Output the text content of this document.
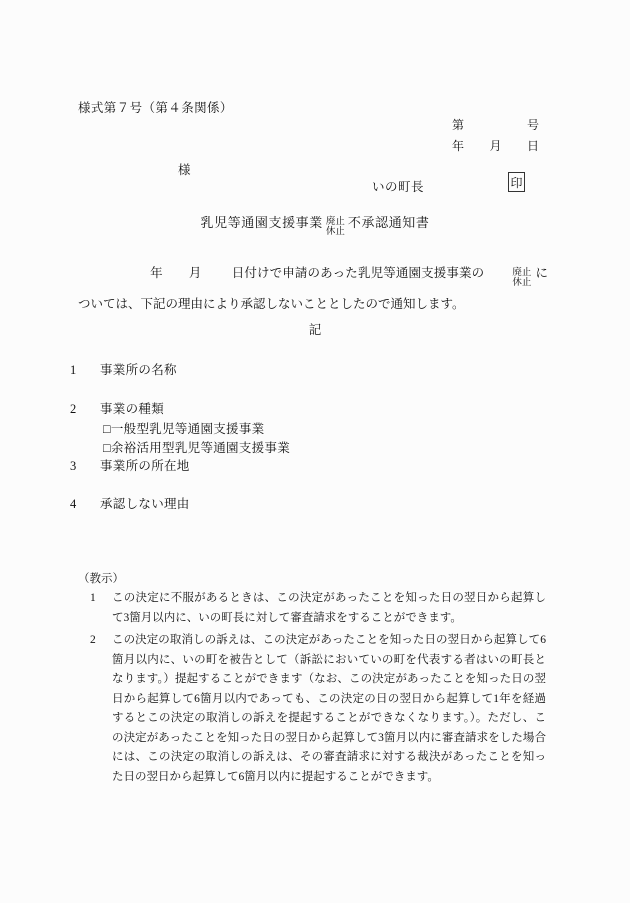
様式第７号（第４条関係）
第　　　　　号
年　　月　　日
様
いの町長	印
乳児等通園支援事業 廃止
休止
不承認通知書
年 月 日付けで申請のあった乳児等通園支援事業の	廃止
休止
については、下記の理由により承認しないこととしたので通知します。
記
1 事業所の名称
2 事業の種類
□一般型乳児等通園支援事業
□余裕活用型乳児等通園支援事業
3 事業所の所在地
4 承認しない理由
（教示）
1 この決定に不服があるときは、この決定があったことを知った日の翌日から起算して3箇月以内に、いの町長に対して審査請求をすることができます。
2 この決定の取消しの訴えは、この決定があったことを知った日の翌日から起算して6箇月以内に、いの町を被告として（訴訟においていの町を代表する者はいの町長となります。）提起することができます（なお、この決定があったことを知った日の翌日から起算して6箇月以内であっても、この決定の日の翌日から起算して1年を経過するとこの決定の取消しの訴えを提起することができなくなります。）。ただし、この決定があったことを知った日の翌日から起算して3箇月以内に審査請求をした場合には、この決定の取消しの訴えは、その審査請求に対する裁決があったことを知った日の翌日から起算して6箇月以内に提起することができます。
